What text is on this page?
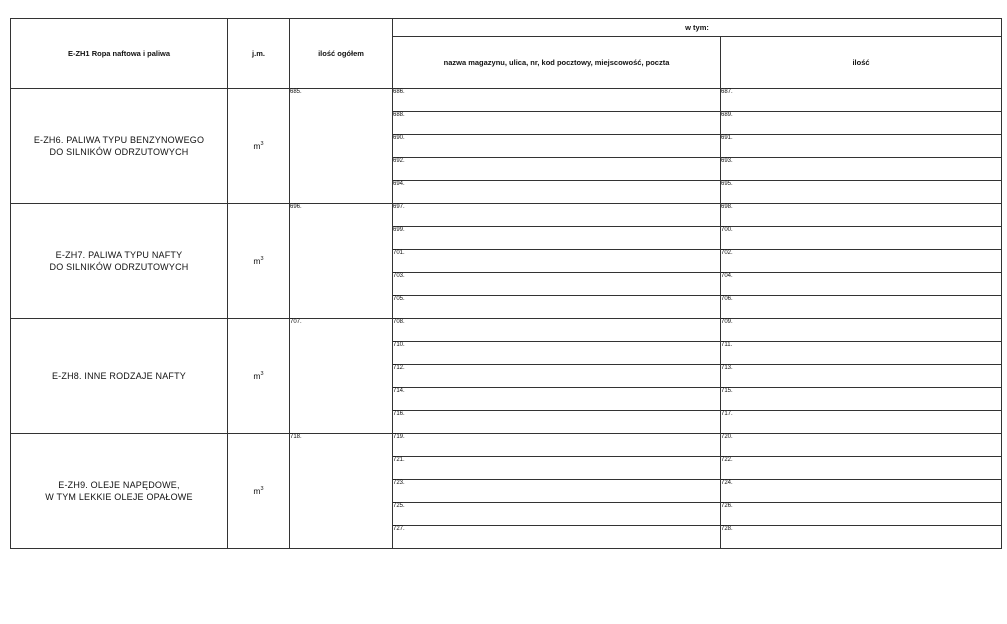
E-ZH1 Ropa naftowa i paliwa	j.m.	ilość ogółem	w tym:	
			nazwa magazynu, ulica, nr, kod pocztowy, miejscowość, poczta	ilość

E-ZH6. PALIWA TYPU BENZYNOWEGO
DO SILNIKÓW ODRZUTOWYCH	$m^3$	685.	686.	687.
			688.	689.
			690.	691.
			692.	693.
			694.	695.

E-ZH7. PALIWA TYPU NAFTY
DO SILNIKÓW ODRZUTOWYCH	$m^3$	696.	697.	698.
			699.	700.
			701.	702.
			703.	704.
			705.	706.

E-ZH8. INNE RODZAJE NAFTY	$m^3$	707.	708.	709.
			710.	711.
			712.	713.
			714.	715.
			716.	717.

E-ZH9. OLEJE NAPĘDOWE,
W TYM LEKKIE OLEJE OPAŁOWE	$m^3$	718.	719.	720.
			721.	722.
			723.	724.
			725.	726.
			727.	728.
